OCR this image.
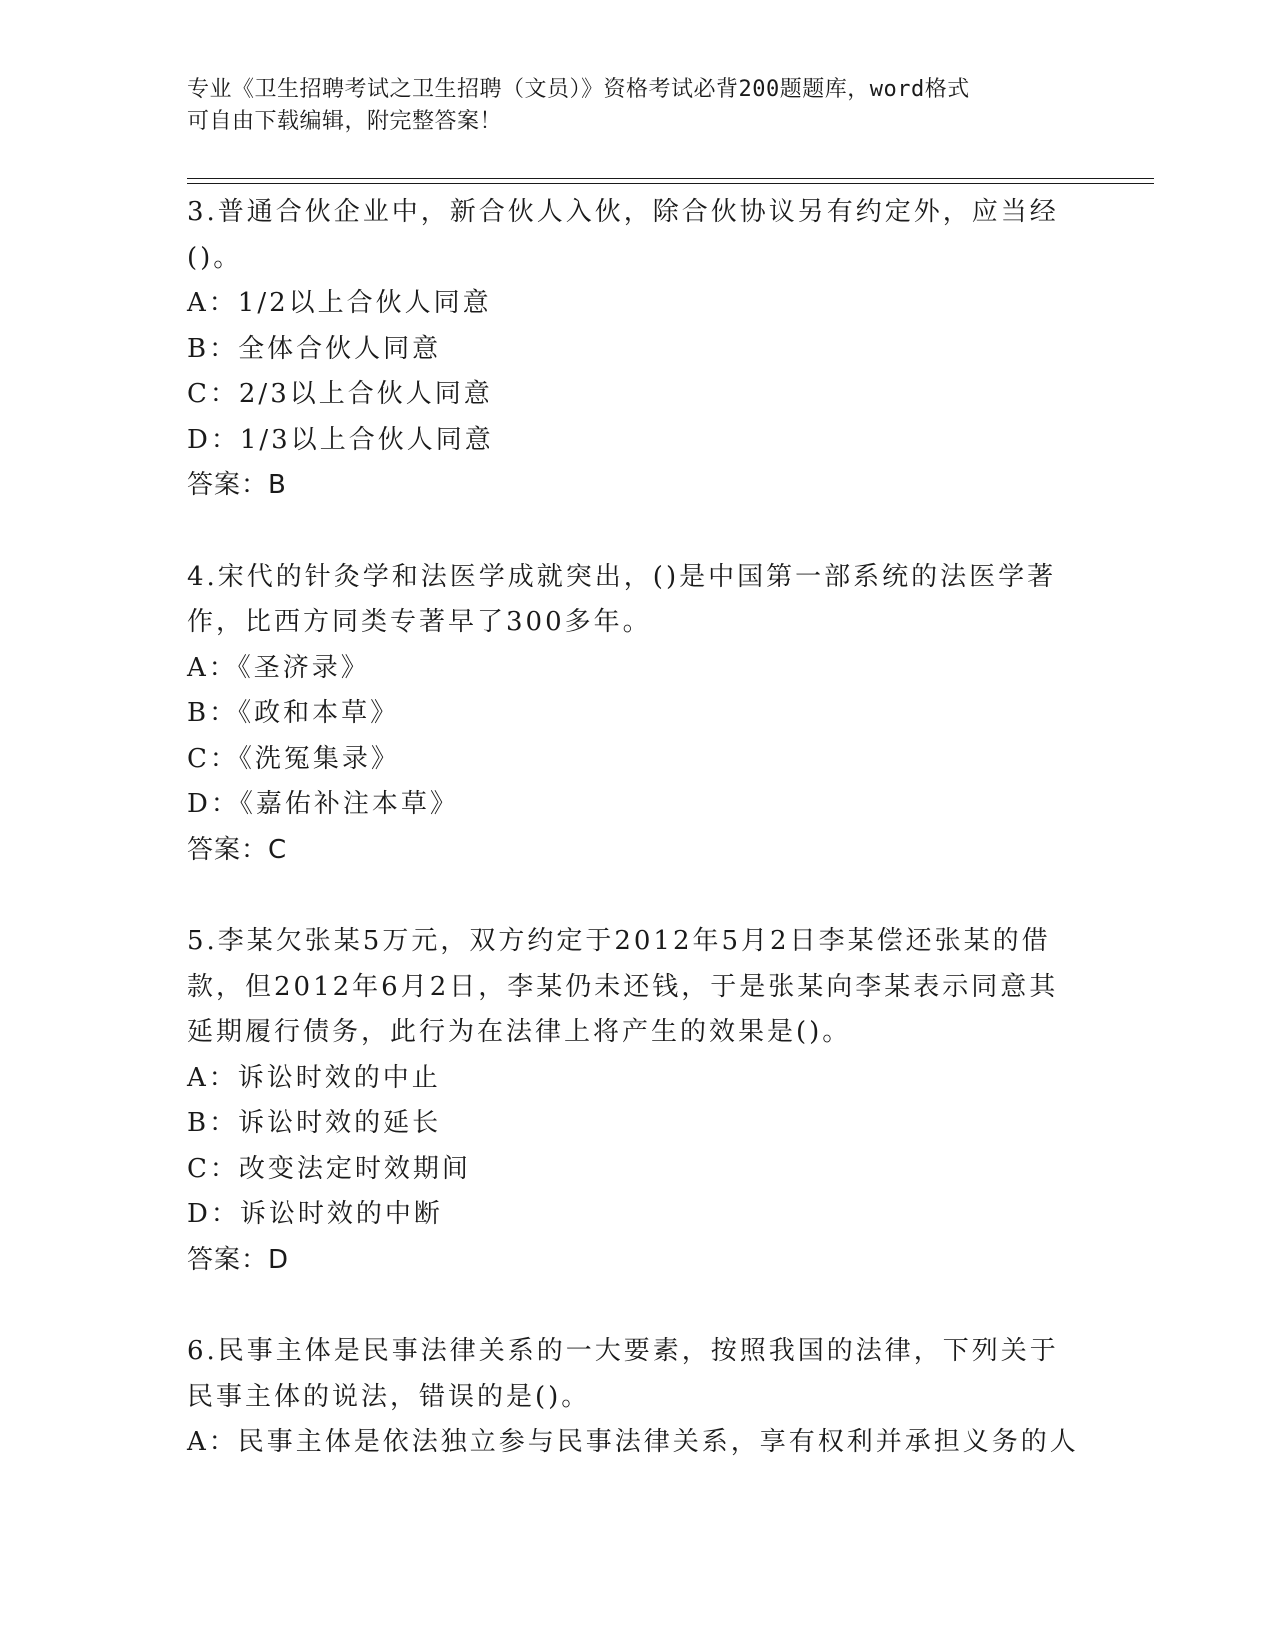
专业《卫生招聘考试之卫生招聘（文员）》资格考试必背200题题库，word格式
可自由下载编辑，附完整答案！
3.普通合伙企业中，新合伙人入伙，除合伙协议另有约定外，应当经
()。
A：1/2以上合伙人同意
B：全体合伙人同意
C：2/3以上合伙人同意
D：1/3以上合伙人同意
答案：B
4.宋代的针灸学和法医学成就突出，()是中国第一部系统的法医学著
作，比西方同类专著早了300多年。
A：《圣济录》
B：《政和本草》
C：《洗冤集录》
D：《嘉佑补注本草》
答案：C
5.李某欠张某5万元，双方约定于2012年5月2日李某偿还张某的借
款，但2012年6月2日，李某仍未还钱，于是张某向李某表示同意其
延期履行债务，此行为在法律上将产生的效果是()。
A：诉讼时效的中止
B：诉讼时效的延长
C：改变法定时效期间
D：诉讼时效的中断
答案：D
6.民事主体是民事法律关系的一大要素，按照我国的法律，下列关于
民事主体的说法，错误的是()。
A：民事主体是依法独立参与民事法律关系，享有权利并承担义务的人
